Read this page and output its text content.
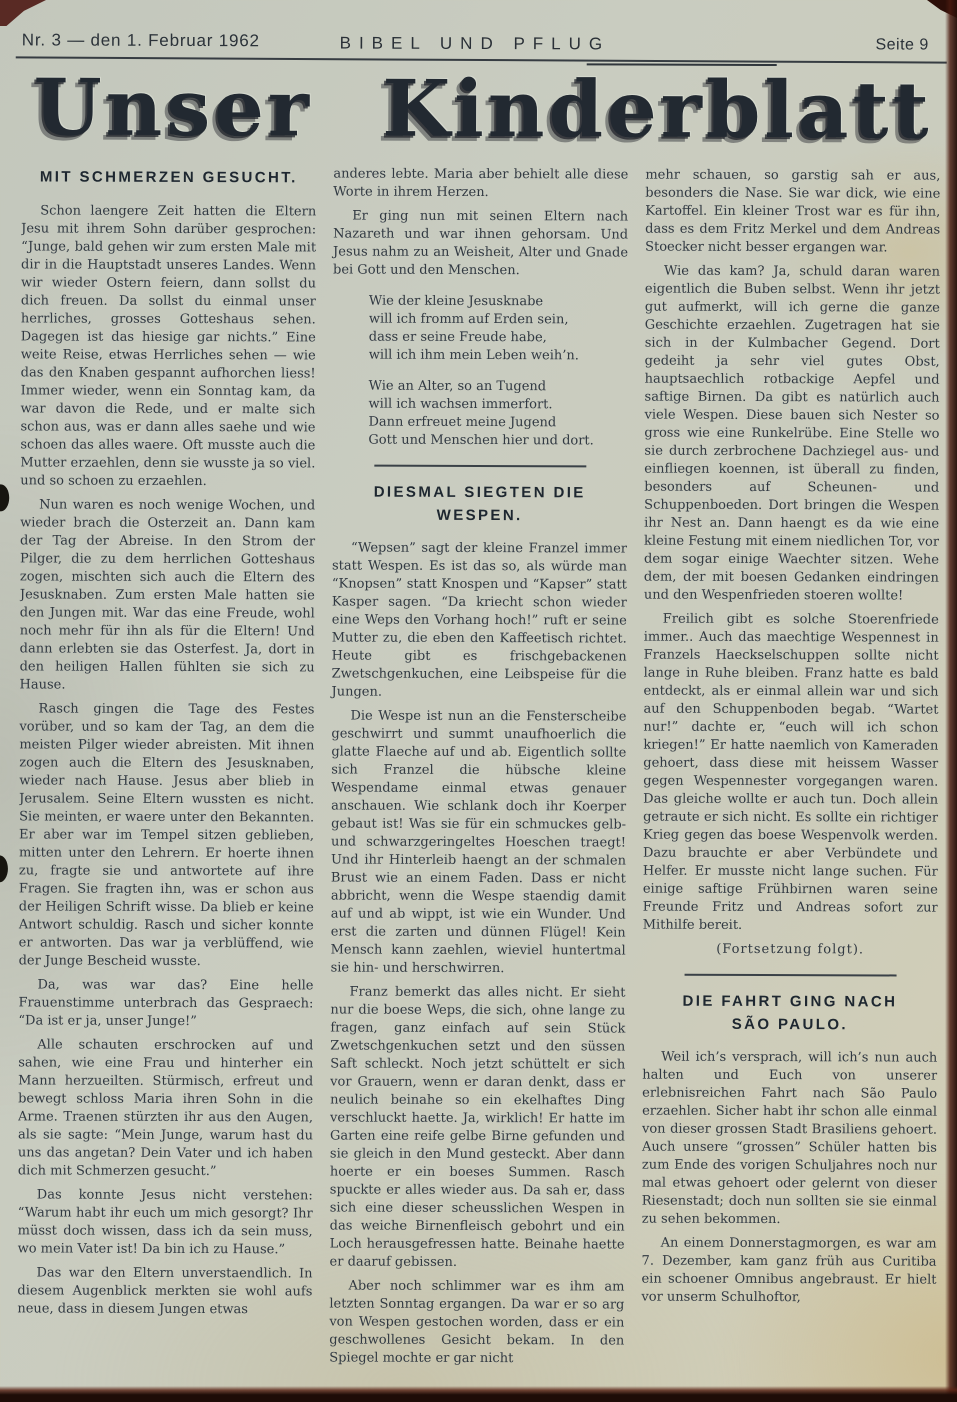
Nr. 3 — den 1. Februar 1962	BIBEL UND PFLUG	Seite 9
Unser Kinderblatt
MIT SCHMERZEN GESUCHT.

Schon laengere Zeit hatten die Eltern Jesu mit ihrem Sohn darüber gesprochen: “Junge, bald gehen wir zum ersten Male mit dir in die Hauptstadt unseres Landes. Wenn wir wieder Ostern feiern, dann sollst du dich freuen. Da sollst du einmal unser herrliches, grosses Gotteshaus sehen. Dagegen ist das hiesige gar nichts.” Eine weite Reise, etwas Herrliches sehen — wie das den Knaben gespannt aufhorchen liess! Immer wieder, wenn ein Sonntag kam, da war davon die Rede, und er malte sich schon aus, was er dann alles saehe und wie schoen das alles waere. Oft musste auch die Mutter erzaehlen, denn sie wusste ja so viel. und so schoen zu erzaehlen.

Nun waren es noch wenige Wochen, und wieder brach die Osterzeit an. Dann kam der Tag der Abreise. In den Strom der Pilger, die zu dem herrlichen Gotteshaus zogen, mischten sich auch die Eltern des Jesusknaben. Zum ersten Male hatten sie den Jungen mit. War das eine Freude, wohl noch mehr für ihn als für die Eltern! Und dann erlebten sie das Osterfest. Ja, dort in den heiligen Hallen fühlten sie sich zu Hause.

Rasch gingen die Tage des Festes vorüber, und so kam der Tag, an dem die meisten Pilger wieder abreisten. Mit ihnen zogen auch die Eltern des Jesusknaben, wieder nach Hause. Jesus aber blieb in Jerusalem. Seine Eltern wussten es nicht. Sie meinten, er waere unter den Bekannten. Er aber war im Tempel sitzen geblieben, mitten unter den Lehrern. Er hoerte ihnen zu, fragte sie und antwortete auf ihre Fragen. Sie fragten ihn, was er schon aus der Heiligen Schrift wisse. Da blieb er keine Antwort schuldig. Rasch und sicher konnte er antworten. Das war ja verblüffend, wie der Junge Bescheid wusste.

Da, was war das? Eine helle Frauenstimme unterbrach das Gespraech: “Da ist er ja, unser Junge!”

Alle schauten erschrocken auf und sahen, wie eine Frau und hinterher ein Mann herzueilten. Stürmisch, erfreut und bewegt schloss Maria ihren Sohn in die Arme. Traenen stürzten ihr aus den Augen, als sie sagte: “Mein Junge, warum hast du uns das angetan? Dein Vater und ich haben dich mit Schmerzen gesucht.”

Das konnte Jesus nicht verstehen: “Warum habt ihr euch um mich gesorgt? Ihr müsst doch wissen, dass ich da sein muss, wo mein Vater ist! Da bin ich zu Hause.”

Das war den Eltern unverstaendlich. In diesem Augenblick merkten sie wohl aufs neue, dass in diesem Jungen etwas

anderes lebte. Maria aber behielt alle diese Worte in ihrem Herzen.

Er ging nun mit seinen Eltern nach Nazareth und war ihnen gehorsam. Und Jesus nahm zu an Weisheit, Alter und Gnade bei Gott und den Menschen.

Wie der kleine Jesusknabe
will ich fromm auf Erden sein,
dass er seine Freude habe,
will ich ihm mein Leben weih’n.
Wie an Alter, so an Tugend
will ich wachsen immerfort.
Dann erfreuet meine Jugend
Gott und Menschen hier und dort.
DIESMAL SIEGTEN DIE WESPEN.

“Wepsen” sagt der kleine Franzel immer statt Wespen. Es ist das so, als würde man “Knopsen” statt Knospen und “Kapser” statt Kasper sagen. “Da kriecht schon wieder eine Weps den Vorhang hoch!” ruft er seine Mutter zu, die eben den Kaffeetisch richtet. Heute gibt es frischgebackenen Zwetschgenkuchen, eine Leibspeise für die Jungen.

Die Wespe ist nun an die Fensterscheibe geschwirrt und summt unaufhoerlich die glatte Flaeche auf und ab. Eigentlich sollte sich Franzel die hübsche kleine Wespendame einmal etwas genauer anschauen. Wie schlank doch ihr Koerper gebaut ist! Was sie für ein schmuckes gelb- und schwarzgeringeltes Hoeschen traegt! Und ihr Hinterleib haengt an der schmalen Brust wie an einem Faden. Dass er nicht abbricht, wenn die Wespe staendig damit auf und ab wippt, ist wie ein Wunder. Und erst die zarten und dünnen Flügel! Kein Mensch kann zaehlen, wieviel huntertmal sie hin- und herschwirren.

Franz bemerkt das alles nicht. Er sieht nur die boese Weps, die sich, ohne lange zu fragen, ganz einfach auf sein Stück Zwetschgenkuchen setzt und den süssen Saft schleckt. Noch jetzt schüttelt er sich vor Grauern, wenn er daran denkt, dass er neulich beinahe so ein ekelhaftes Ding verschluckt haette. Ja, wirklich! Er hatte im Garten eine reife gelbe Birne gefunden und sie gleich in den Mund gesteckt. Aber dann hoerte er ein boeses Summen. Rasch spuckte er alles wieder aus. Da sah er, dass sich eine dieser scheusslichen Wespen in das weiche Birnenfleisch gebohrt und ein Loch herausgefressen hatte. Beinahe haette er daaruf gebissen.

Aber noch schlimmer war es ihm am letzten Sonntag ergangen. Da war er so arg von Wespen gestochen worden, dass er ein geschwollenes Gesicht bekam. In den Spiegel mochte er gar nicht

mehr schauen, so garstig sah er aus, besonders die Nase. Sie war dick, wie eine Kartoffel. Ein kleiner Trost war es für ihn, dass es dem Fritz Merkel und dem Andreas Stoecker nicht besser ergangen war.

Wie das kam? Ja, schuld daran waren eigentlich die Buben selbst. Wenn ihr jetzt gut aufmerkt, will ich gerne die ganze Geschichte erzaehlen. Zugetragen hat sie sich in der Kulmbacher Gegend. Dort gedeiht ja sehr viel gutes Obst, hauptsaechlich rotbackige Aepfel und saftige Birnen. Da gibt es natürlich auch viele Wespen. Diese bauen sich Nester so gross wie eine Runkelrübe. Eine Stelle wo sie durch zerbrochene Dachziegel aus- und einfliegen koennen, ist überall zu finden, besonders auf Scheunen- und Schuppenboeden. Dort bringen die Wespen ihr Nest an. Dann haengt es da wie eine kleine Festung mit einem niedlichen Tor, vor dem sogar einige Waechter sitzen. Wehe dem, der mit boesen Gedanken eindringen und den Wespenfrieden stoeren wollte!

Freilich gibt es solche Stoerenfriede immer.. Auch das maechtige Wespennest in Franzels Haeckselschuppen sollte nicht lange in Ruhe bleiben. Franz hatte es bald entdeckt, als er einmal allein war und sich auf den Schuppenboden begab. “Wartet nur!” dachte er, “euch will ich schon kriegen!” Er hatte naemlich von Kameraden gehoert, dass diese mit heissem Wasser gegen Wespennester vorgegangen waren. Das gleiche wollte er auch tun. Doch allein getraute er sich nicht. Es sollte ein richtiger Krieg gegen das boese Wespenvolk werden. Dazu brauchte er aber Verbündete und Helfer. Er musste nicht lange suchen. Für einige saftige Frühbirnen waren seine Freunde Fritz und Andreas sofort zur Mithilfe bereit.

(Fortsetzung folgt).

DIE FAHRT GING NACH
SÃO PAULO.

Weil ich’s versprach, will ich’s nun auch halten und Euch von unserer erlebnisreichen Fahrt nach São Paulo erzaehlen. Sicher habt ihr schon alle einmal von dieser grossen Stadt Brasiliens gehoert. Auch unsere “grossen” Schüler hatten bis zum Ende des vorigen Schuljahres noch nur mal etwas gehoert oder gelernt von dieser Riesenstadt; doch nun sollten sie sie einmal zu sehen bekommen.

An einem Donnerstagmorgen, es war am 7. Dezember, kam ganz früh aus Curitiba ein schoener Omnibus angebraust. Er hielt vor unserm Schulhoftor,
